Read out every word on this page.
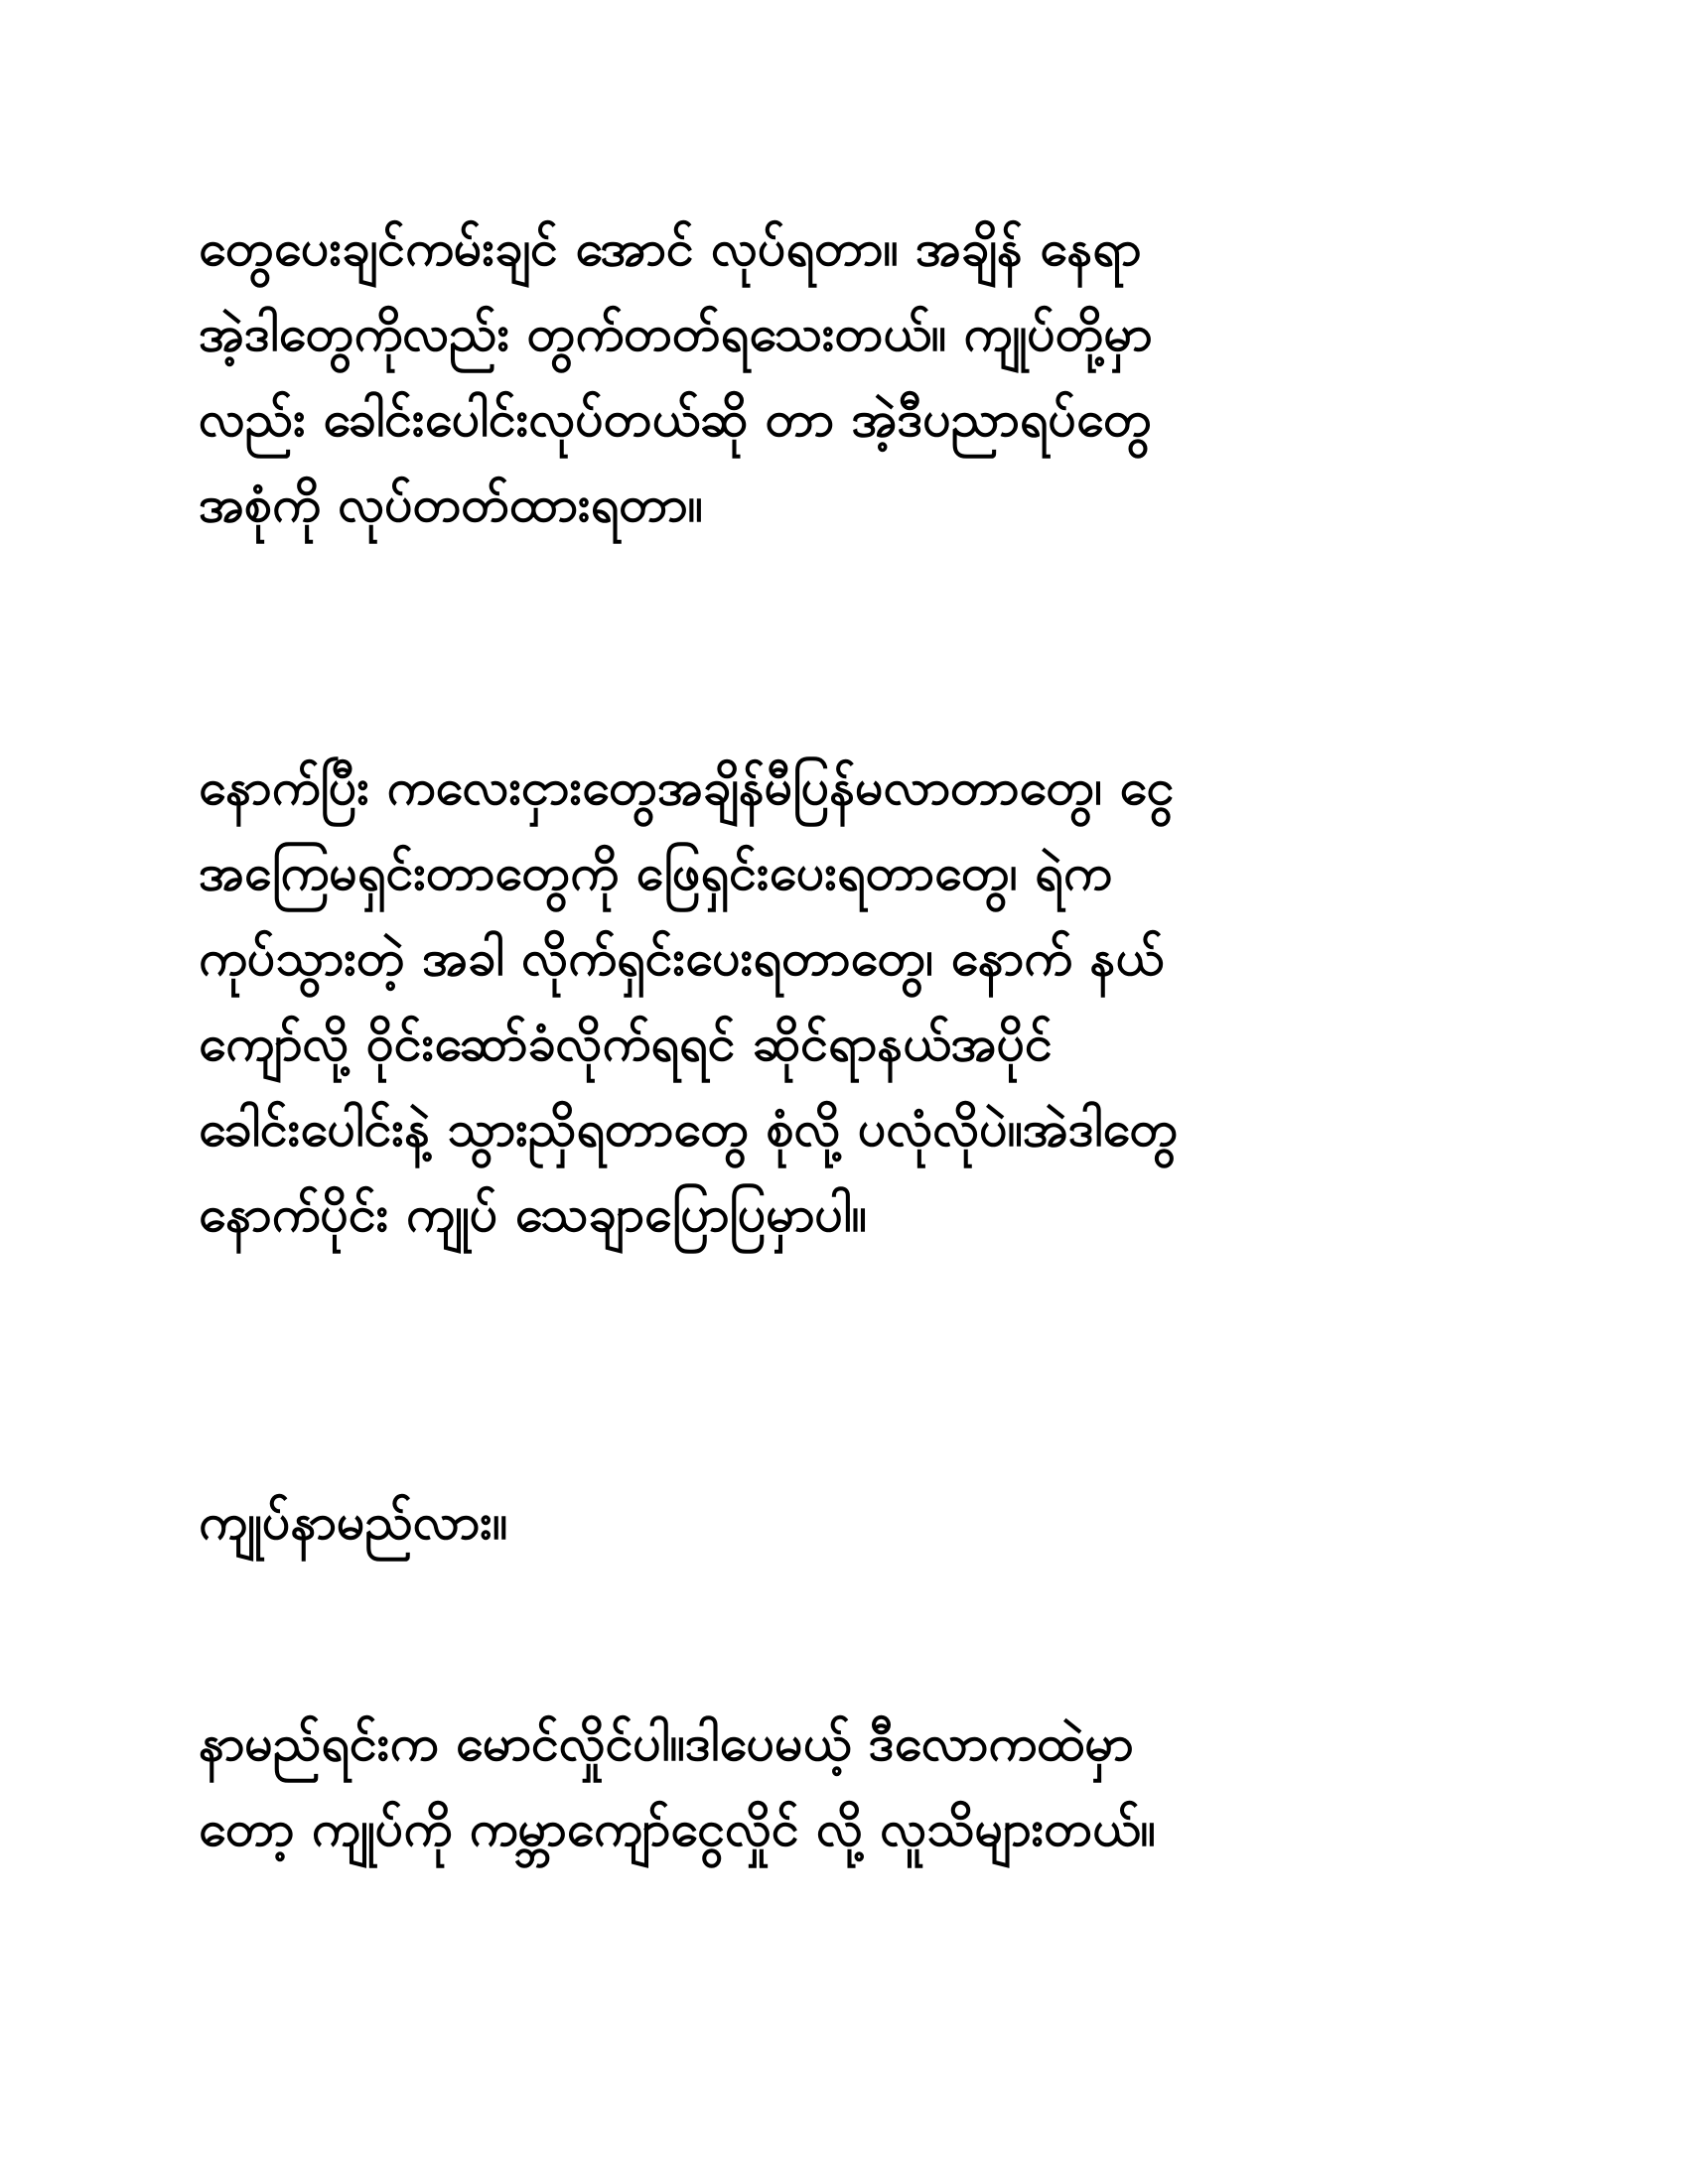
တွေပေးချင်ကမ်းချင် အောင် လုပ်ရတာ။ အချိန် နေရာ
အဲ့ဒါတွေကိုလည်း တွက်တတ်ရသေးတယ်။ ကျုပ်တို့မှာ
လည်း ခေါင်းပေါင်းလုပ်တယ်ဆို တာ အဲ့ဒီပညာရပ်တွေ
အစုံကို လုပ်တတ်ထားရတာ။
နောက်ပြီး ကလေးငှားတွေအချိန်မီပြန်မလာတာတွေ၊ ငွေ
အကြေမရှင်းတာတွေကို ဖြေရှင်းပေးရတာတွေ၊ ရဲက
ကုပ်သွားတဲ့ အခါ လိုက်ရှင်းပေးရတာတွေ၊ နောက် နယ်
ကျော်လို့ ဝိုင်းဆော်ခံလိုက်ရရင် ဆိုင်ရာနယ်အပိုင်
ခေါင်းပေါင်းနဲ့ သွားညှိရတာတွေ စုံလို့ ပလုံလိုပဲ။အဲဒါတွေ
နောက်ပိုင်း ကျုပ် သေချာပြောပြမှာပါ။
ကျုပ်နာမည်လား။
နာမည်ရင်းက မောင်လှိုင်ပါ။ဒါပေမယ့် ဒီလောကထဲမှာ
တော့ ကျုပ်ကို ကမ္ဘာကျော်ငွေလှိုင် လို့ လူသိများတယ်။
